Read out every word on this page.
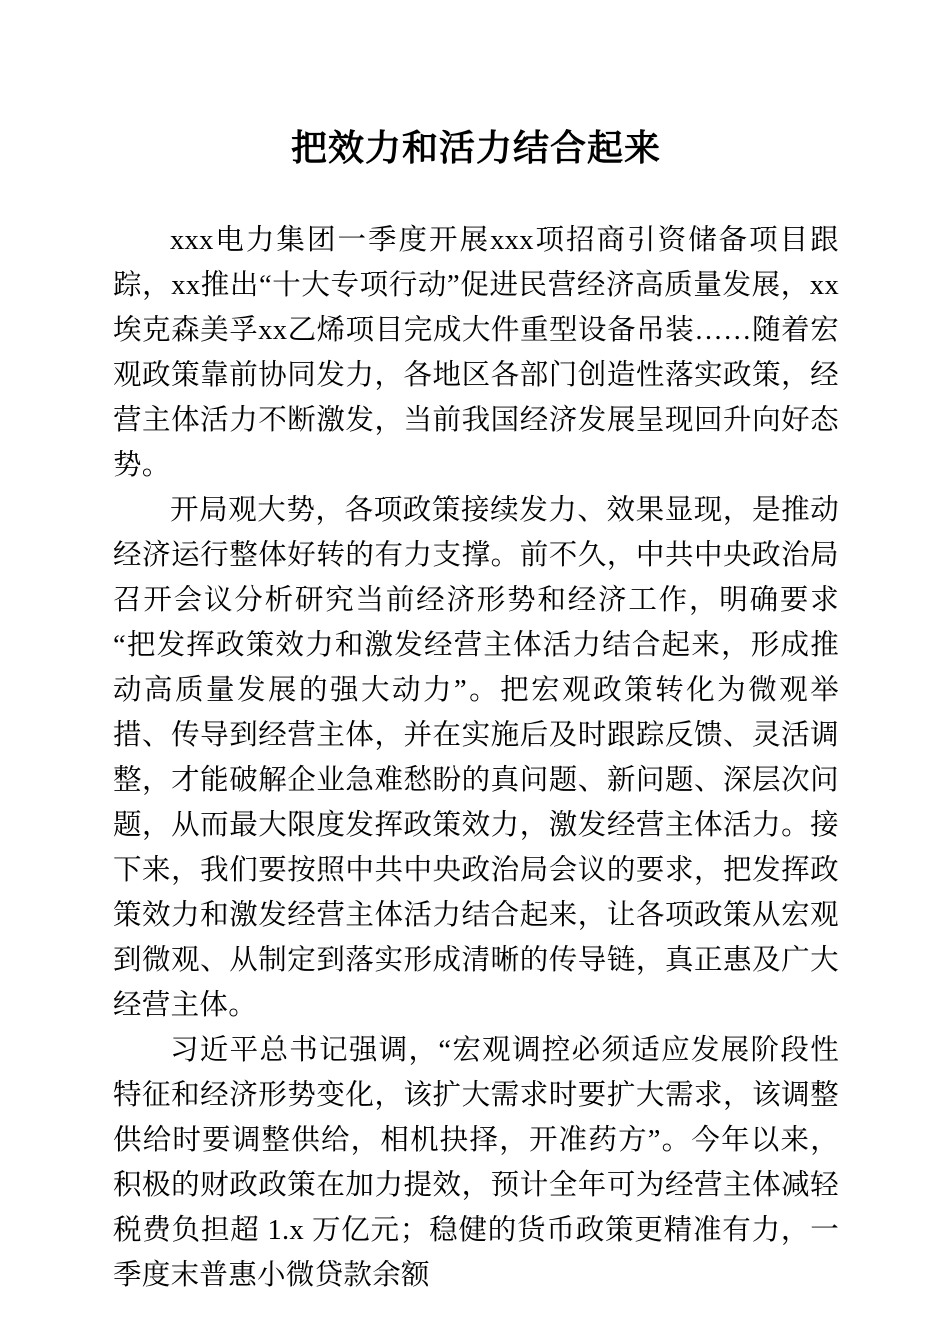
把效力和活力结合起来

xxx电力集团一季度开展xxx项招商引资储备项目跟踪，xx推出“十大专项行动”促进民营经济高质量发展，xx埃克森美孚xx乙烯项目完成大件重型设备吊装……随着宏观政策靠前协同发力，各地区各部门创造性落实政策，经营主体活力不断激发，当前我国经济发展呈现回升向好态势。

开局观大势，各项政策接续发力、效果显现，是推动经济运行整体好转的有力支撑。前不久，中共中央政治局召开会议分析研究当前经济形势和经济工作，明确要求“把发挥政策效力和激发经营主体活力结合起来，形成推动高质量发展的强大动力”。把宏观政策转化为微观举措、传导到经营主体，并在实施后及时跟踪反馈、灵活调整，才能破解企业急难愁盼的真问题、新问题、深层次问题，从而最大限度发挥政策效力，激发经营主体活力。接下来，我们要按照中共中央政治局会议的要求，把发挥政策效力和激发经营主体活力结合起来，让各项政策从宏观到微观、从制定到落实形成清晰的传导链，真正惠及广大经营主体。

习近平总书记强调，“宏观调控必须适应发展阶段性特征和经济形势变化，该扩大需求时要扩大需求，该调整供给时要调整供给，相机抉择，开准药方”。今年以来，积极的财政政策在加力提效，预计全年可为经营主体减轻税费负担超 1.x 万亿元；稳健的货币政策更精准有力，一季度末普惠小微贷款余额
